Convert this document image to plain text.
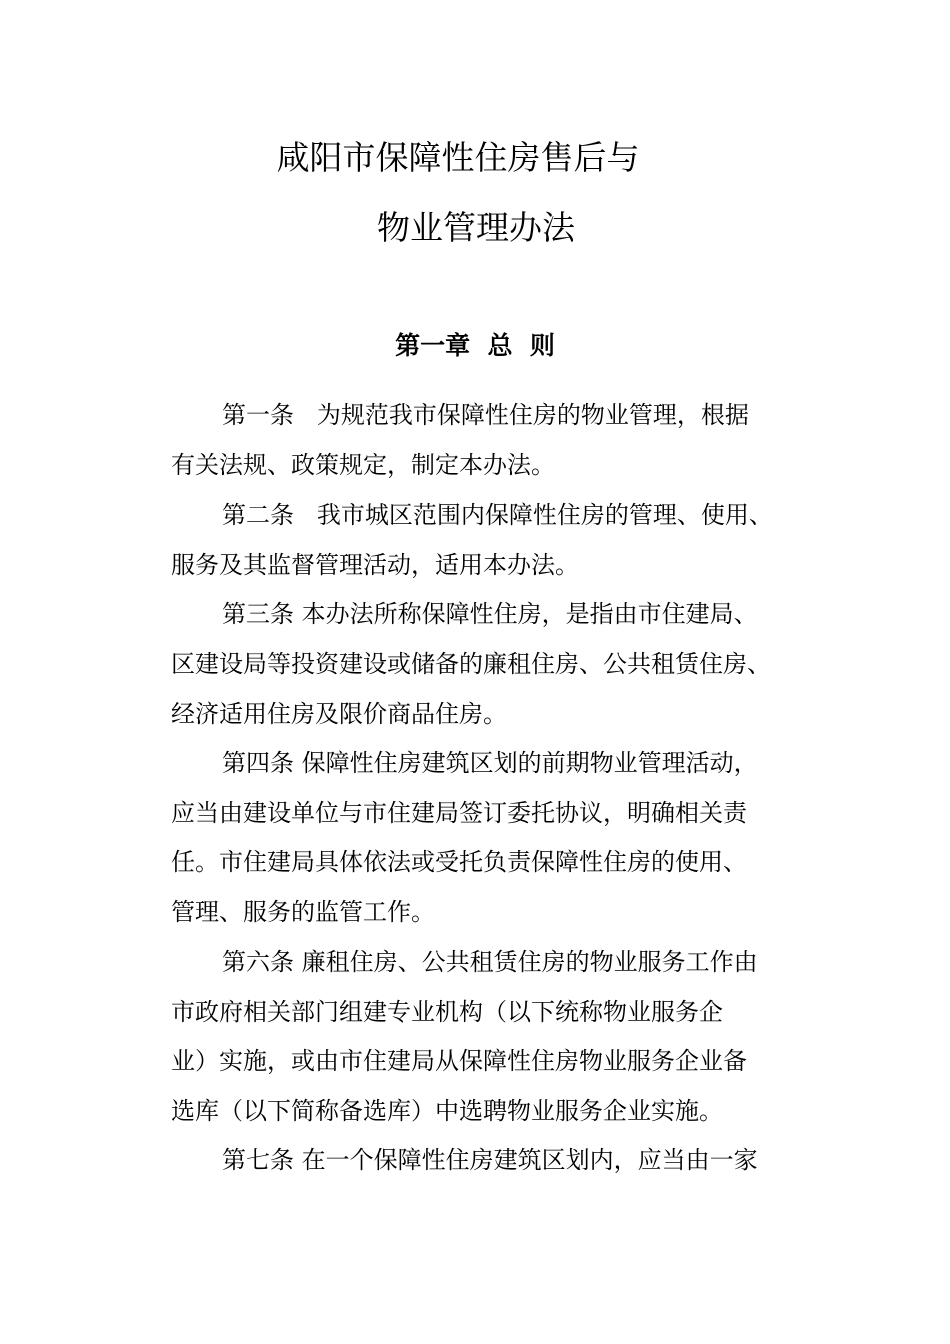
咸阳市保障性住房售后与
物业管理办法
第一章  总  则

第一条   为规范我市保障性住房的物业管理，根据

有关法规、政策规定，制定本办法。

第二条   我市城区范围内保障性住房的管理、使用、

服务及其监督管理活动，适用本办法。

第三条 本办法所称保障性住房，是指由市住建局、

区建设局等投资建设或储备的廉租住房、公共租赁住房、

经济适用住房及限价商品住房。

第四条 保障性住房建筑区划的前期物业管理活动，

应当由建设单位与市住建局签订委托协议，明确相关责

任。市住建局具体依法或受托负责保障性住房的使用、

管理、服务的监管工作。

第六条 廉租住房、公共租赁住房的物业服务工作由

市政府相关部门组建专业机构（以下统称物业服务企

业）实施，或由市住建局从保障性住房物业服务企业备

选库（以下简称备选库）中选聘物业服务企业实施。

第七条 在一个保障性住房建筑区划内，应当由一家
